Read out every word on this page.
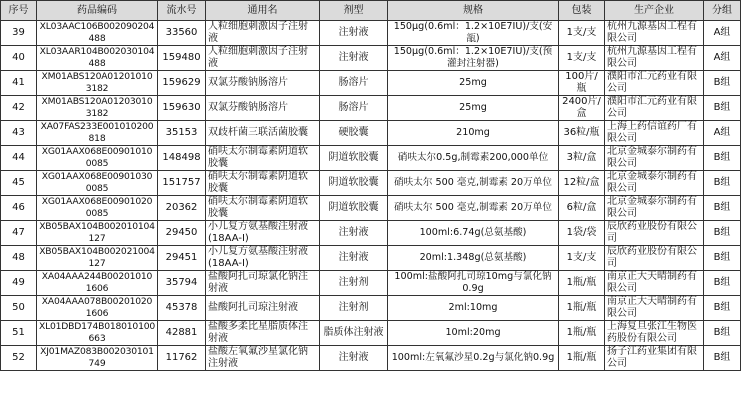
序号	药品编码	流水号	通用名	剂型	规格	包装	生产企业	分组
39	XL03AAC106B002090204488	33560	人粒细胞刺激因子注射液	注射液	150μg(0.6ml：1.2×10E7IU)/支(安瓿)	1支/支	杭州九源基因工程有限公司	A组
40	XL03AAR104B002030104488	159480	人粒细胞刺激因子注射液	注射液	150μg(0.6ml：1.2×10E7IU)/支(预灌封注射器)	1支/支	杭州九源基因工程有限公司	A组
41	XM01ABS120A012010103182	159629	双氯芬酸钠肠溶片	肠溶片	25mg	100片/瓶	濮阳市汇元药业有限公司	B组
42	XM01ABS120A012030103182	159630	双氯芬酸钠肠溶片	肠溶片	25mg	2400片/盒	濮阳市汇元药业有限公司	B组
43	XA07FAS233E001010200818	35153	双歧杆菌三联活菌胶囊	硬胶囊	210mg	36粒/瓶	上海上药信谊药厂有限公司	A组
44	XG01AAX068E009010100085	148498	硝呋太尔制霉素阴道软胶囊	阴道软胶囊	硝呋太尔0.5g,制霉素200,000单位	3粒/盒	北京金城泰尔制药有限公司	B组
45	XG01AAX068E009010300085	151757	硝呋太尔制霉素阴道软胶囊	阴道软胶囊	硝呋太尔 500 毫克,制霉素 20万单位	12粒/盒	北京金城泰尔制药有限公司	B组
46	XG01AAX068E009010200085	20362	硝呋太尔制霉素阴道软胶囊	阴道软胶囊	硝呋太尔 500 毫克,制霉素 20万单位	6粒/盒	北京金城泰尔制药有限公司	B组
47	XB05BAX104B002010104127	29450	小儿复方氨基酸注射液(18AA-I)	注射液	100ml:6.74g(总氨基酸)	1袋/袋	辰欣药业股份有限公司	B组
48	XB05BAX104B002021004127	29451	小儿复方氨基酸注射液(18AA-I)	注射液	20ml:1.348g(总氨基酸)	1支/支	辰欣药业股份有限公司	B组
49	XA04AAA244B002010101606	35794	盐酸阿扎司琼氯化钠注射液	注射剂	100ml:盐酸阿扎司琼10mg与氯化钠0.9g	1瓶/瓶	南京正大天晴制药有限公司	B组
50	XA04AAA078B002010201606	45378	盐酸阿扎司琼注射液	注射剂	2ml:10mg	1瓶/瓶	南京正大天晴制药有限公司	B组
51	XL01DBD174B018010100663	42881	盐酸多柔比星脂质体注射液	脂质体注射液	10ml:20mg	1瓶/瓶	上海复旦张江生物医药股份有限公司	B组
52	XJ01MAZ083B002030101749	11762	盐酸左氧氟沙星氯化钠注射液	注射液	100ml:左氧氟沙星0.2g与氯化钠0.9g	1瓶/瓶	扬子江药业集团有限公司	B组
